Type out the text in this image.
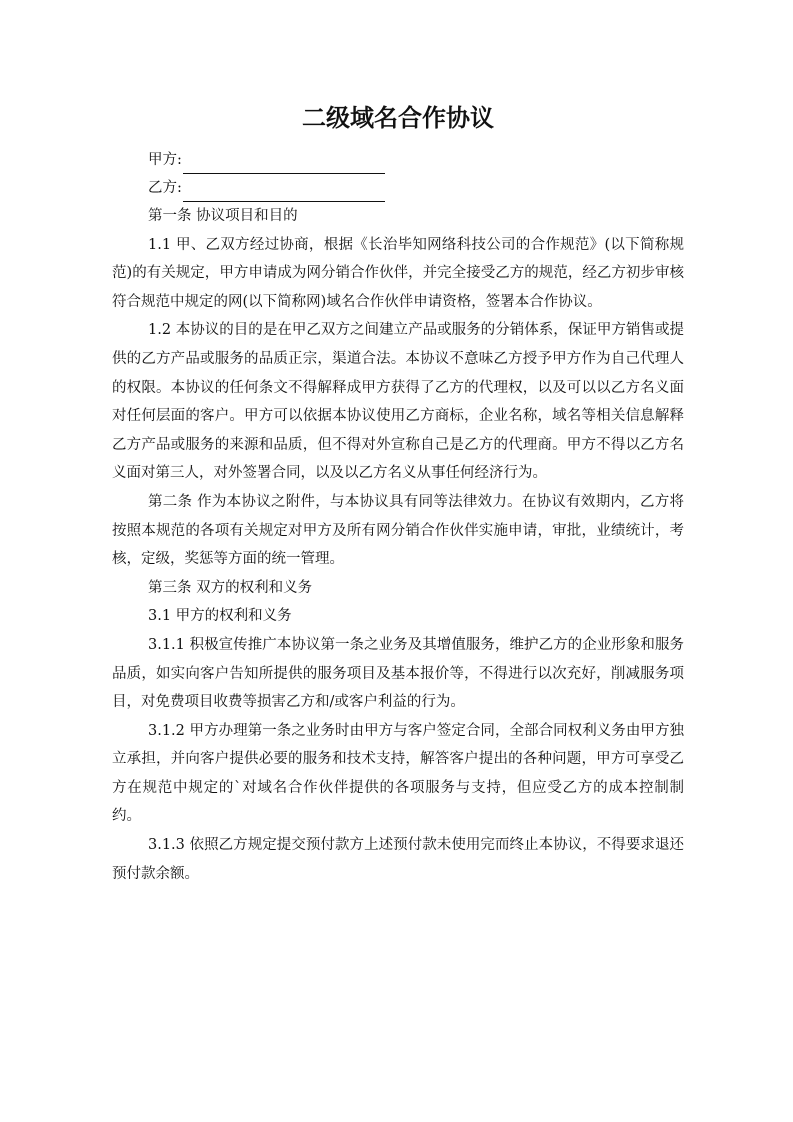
二级域名合作协议
甲方:
乙方:

第一条 协议项目和目的

1.1 甲、乙双方经过协商，根据《长治毕知网络科技公司的合作规范》(以下简称规范)的有关规定，甲方申请成为网分销合作伙伴，并完全接受乙方的规范，经乙方初步审核符合规范中规定的网(以下简称网)域名合作伙伴申请资格，签署本合作协议。

1.2 本协议的目的是在甲乙双方之间建立产品或服务的分销体系，保证甲方销售或提供的乙方产品或服务的品质正宗，渠道合法。本协议不意味乙方授予甲方作为自己代理人的权限。本协议的任何条文不得解释成甲方获得了乙方的代理权，以及可以以乙方名义面对任何层面的客户。甲方可以依据本协议使用乙方商标，企业名称，域名等相关信息解释乙方产品或服务的来源和品质，但不得对外宣称自己是乙方的代理商。甲方不得以乙方名义面对第三人，对外签署合同，以及以乙方名义从事任何经济行为。

第二条 作为本协议之附件，与本协议具有同等法律效力。在协议有效期内，乙方将按照本规范的各项有关规定对甲方及所有网分销合作伙伴实施申请，审批，业绩统计，考核，定级，奖惩等方面的统一管理。

第三条 双方的权利和义务

3.1 甲方的权利和义务

3.1.1 积极宣传推广本协议第一条之业务及其增值服务，维护乙方的企业形象和服务品质，如实向客户告知所提供的服务项目及基本报价等，不得进行以次充好，削减服务项目，对免费项目收费等损害乙方和/或客户利益的行为。

3.1.2 甲方办理第一条之业务时由甲方与客户签定合同，全部合同权利义务由甲方独立承担，并向客户提供必要的服务和技术支持，解答客户提出的各种问题，甲方可享受乙方在规范中规定的`对域名合作伙伴提供的各项服务与支持，但应受乙方的成本控制制约。

3.1.3 依照乙方规定提交预付款方上述预付款未使用完而终止本协议，不得要求退还预付款余额。
